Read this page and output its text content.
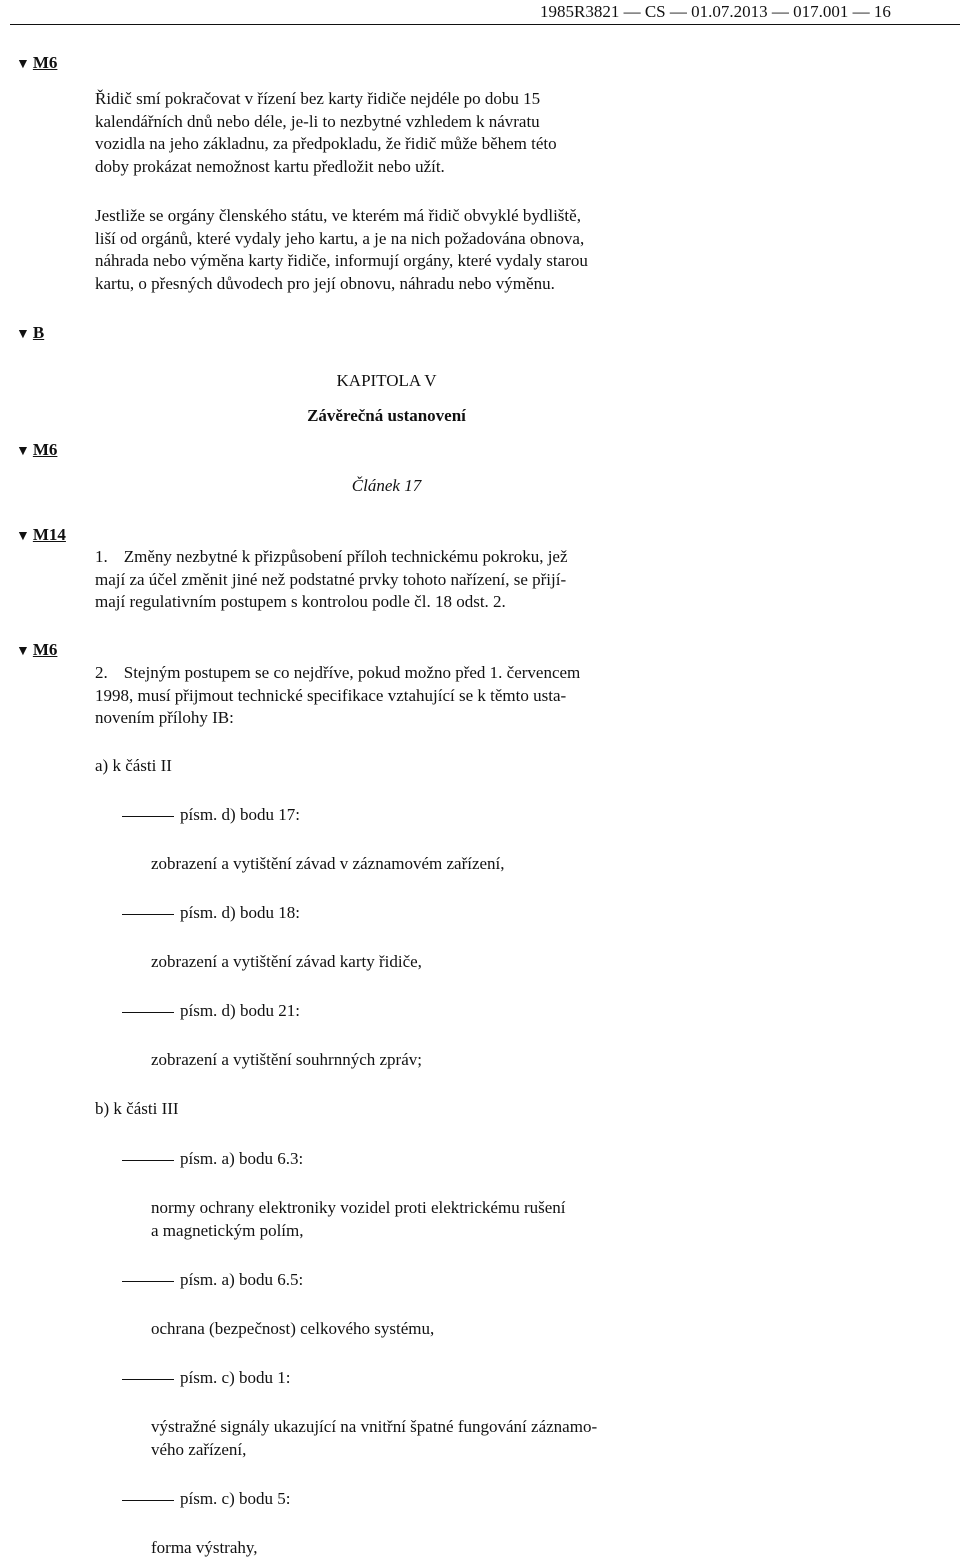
1985R3821 — CS — 01.07.2013 — 017.001 — 16
▼ M6
▼ B
▼ M6
▼ M14
▼ M6
Řidič smí pokračovat v řízení bez karty řidiče nejdéle po dobu 15
kalendářních dnů nebo déle, je-li to nezbytné vzhledem k návratu
vozidla na jeho základnu, za předpokladu, že řidič může během této
doby prokázat nemožnost kartu předložit nebo užít.
Jestliže se orgány členského státu, ve kterém má řidič obvyklé bydliště,
liší od orgánů, které vydaly jeho kartu, a je na nich požadována obnova,
náhrada nebo výměna karty řidiče, informují orgány, které vydaly starou
kartu, o přesných důvodech pro její obnovu, náhradu nebo výměnu.
KAPITOLA V
Závěrečná ustanovení
Článek 17
1. Změny nezbytné k přizpůsobení příloh technickému pokroku, jež
mají za účel změnit jiné než podstatné prvky tohoto nařízení, se přijí-
mají regulativním postupem s kontrolou podle čl. 18 odst. 2.
2. Stejným postupem se co nejdříve, pokud možno před 1. červencem
1998, musí přijmout technické specifikace vztahující se k těmto usta-
novením přílohy IB:
a) k části II
písm. d) bodu 17:
zobrazení a vytištění závad v záznamovém zařízení,
písm. d) bodu 18:
zobrazení a vytištění závad karty řidiče,
písm. d) bodu 21:
zobrazení a vytištění souhrnných zpráv;
b) k části III
písm. a) bodu 6.3:
normy ochrany elektroniky vozidel proti elektrickému rušení
a magnetickým polím,
písm. a) bodu 6.5:
ochrana (bezpečnost) celkového systému,
písm. c) bodu 1:
výstražné signály ukazující na vnitřní špatné fungování záznamo-
vého zařízení,
písm. c) bodu 5:
forma výstrahy,
